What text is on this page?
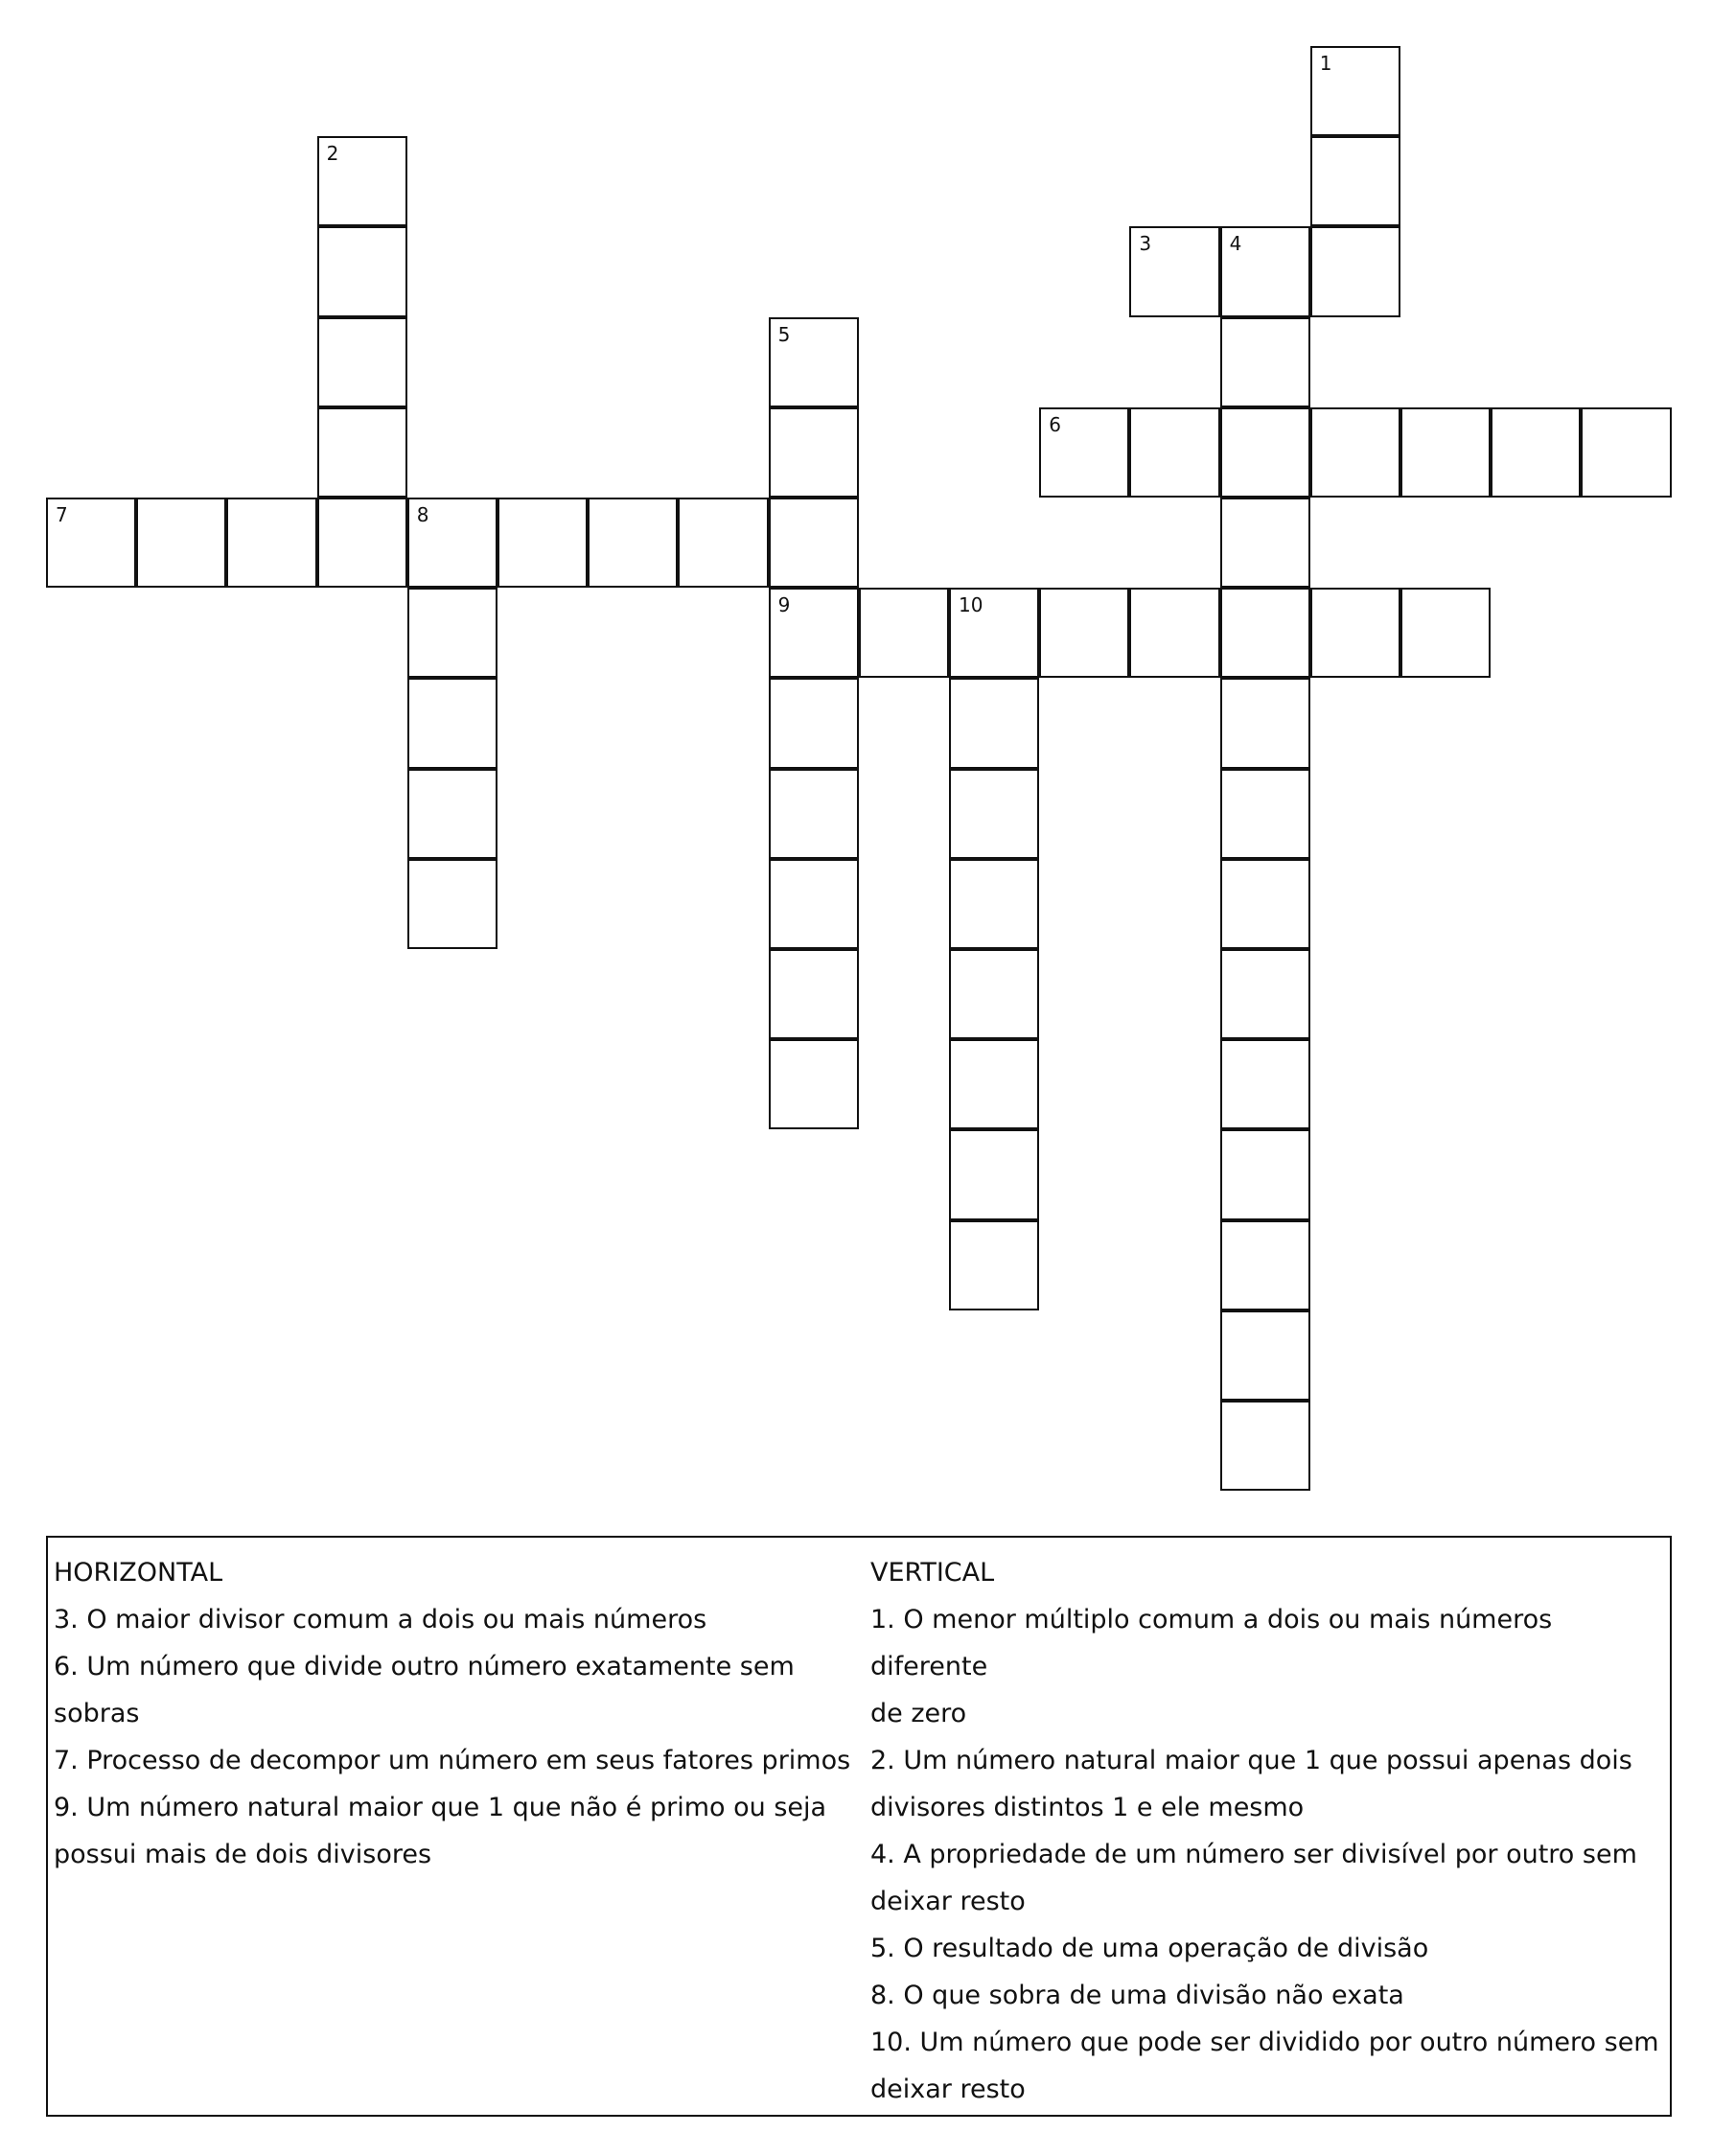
1
2
3	4
5
6
7	8
9	10

HORIZONTAL

3. O maior divisor comum a dois ou mais números
6. Um número que divide outro número exatamente sem
sobras
7. Processo de decompor um número em seus fatores primos
9. Um número natural maior que 1 que não é primo ou seja
possui mais de dois divisores

VERTICAL

1. O menor múltiplo comum a dois ou mais números diferente
de zero
2. Um número natural maior que 1 que possui apenas dois
divisores distintos 1 e ele mesmo
4. A propriedade de um número ser divisível por outro sem
deixar resto
5. O resultado de uma operação de divisão
8. O que sobra de uma divisão não exata
10. Um número que pode ser dividido por outro número sem
deixar resto
